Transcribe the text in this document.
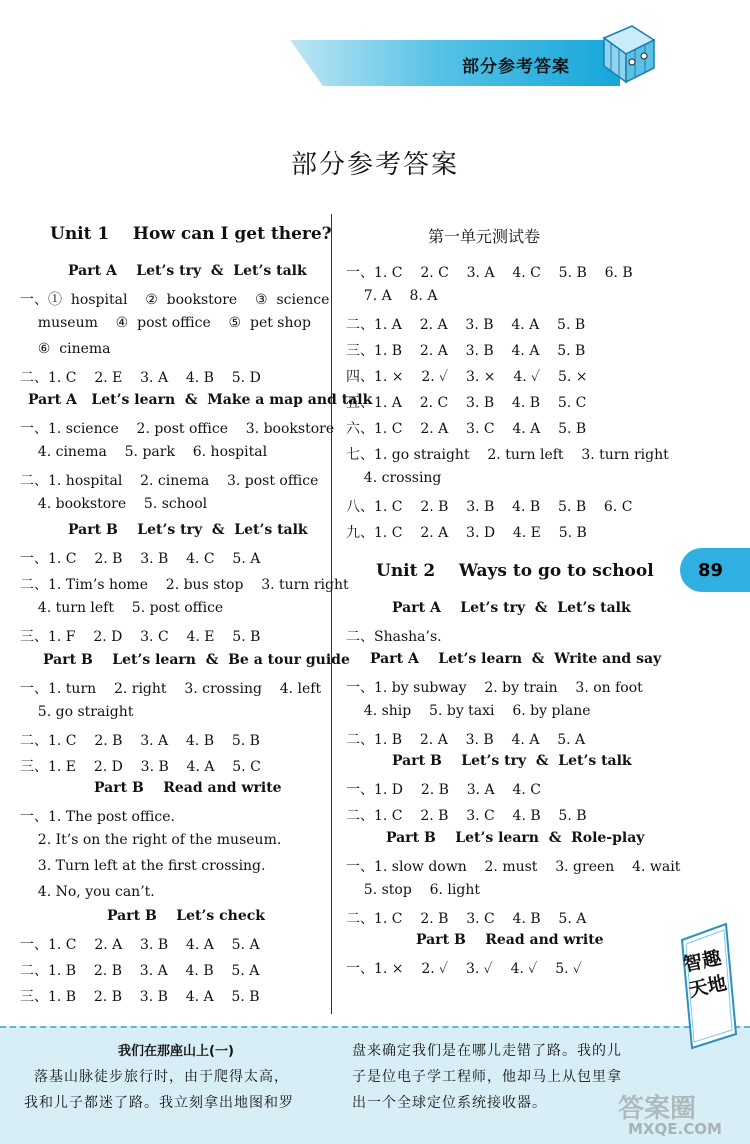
部分参考答案
部分参考答案
Unit 1    How can I get there?
Part A    Let’s try  &  Let’s talk
一、①  hospital    ②  bookstore    ③  science
museum    ④  post office    ⑤  pet shop
⑥  cinema
二、1. C    2. E    3. A    4. B    5. D
Part A   Let’s learn  &  Make a map and talk
一、1. science    2. post office    3. bookstore
4. cinema    5. park    6. hospital
二、1. hospital    2. cinema    3. post office
4. bookstore    5. school
Part B    Let’s try  &  Let’s talk
一、1. C    2. B    3. B    4. C    5. A
二、1. Tim’s home    2. bus stop    3. turn right
4. turn left    5. post office
三、1. F    2. D    3. C    4. E    5. B
Part B    Let’s learn  &  Be a tour guide
一、1. turn    2. right    3. crossing    4. left
5. go straight
二、1. C    2. B    3. A    4. B    5. B
三、1. E    2. D    3. B    4. A    5. C
Part B    Read and write
一、1. The post office.
2. It’s on the right of the museum.
3. Turn left at the first crossing.
4. No, you can’t.
Part B    Let’s check
一、1. C    2. A    3. B    4. A    5. A
二、1. B    2. B    3. A    4. B    5. A
三、1. B    2. B    3. B    4. A    5. B
第一单元测试卷
一、1. C    2. C    3. A    4. C    5. B    6. B
7. A    8. A
二、1. A    2. A    3. B    4. A    5. B
三、1. B    2. A    3. B    4. A    5. B
四、1. ×    2. ✓    3. ×    4. ✓    5. ×
五、1. A    2. C    3. B    4. B    5. C
六、1. C    2. A    3. C    4. A    5. B
七、1. go straight    2. turn left    3. turn right
4. crossing
八、1. C    2. B    3. B    4. B    5. B    6. C
九、1. C    2. A    3. D    4. E    5. B
Unit 2    Ways to go to school
Part A    Let’s try  &  Let’s talk
二、Shasha’s.
Part A    Let’s learn  &  Write and say
一、1. by subway    2. by train    3. on foot
4. ship    5. by taxi    6. by plane
二、1. B    2. A    3. B    4. A    5. A
Part B    Let’s try  &  Let’s talk
一、1. D    2. B    3. A    4. C
二、1. C    2. B    3. C    4. B    5. B
Part B    Let’s learn  &  Role-play
一、1. slow down    2. must    3. green    4. wait
5. stop    6. light
二、1. C    2. B    3. C    4. B    5. A
Part B    Read and write
一、1. ×    2. ✓    3. ✓    4. ✓    5. ✓
89
我们在那座山上(一)
落基山脉徒步旅行时，由于爬得太高，
我和儿子都迷了路。我立刻拿出地图和罗
盘来确定我们是在哪儿走错了路。我的儿
子是位电子学工程师，他却马上从包里拿
出一个全球定位系统接收器。
智趣天地
答案圈
MXQE.COM
